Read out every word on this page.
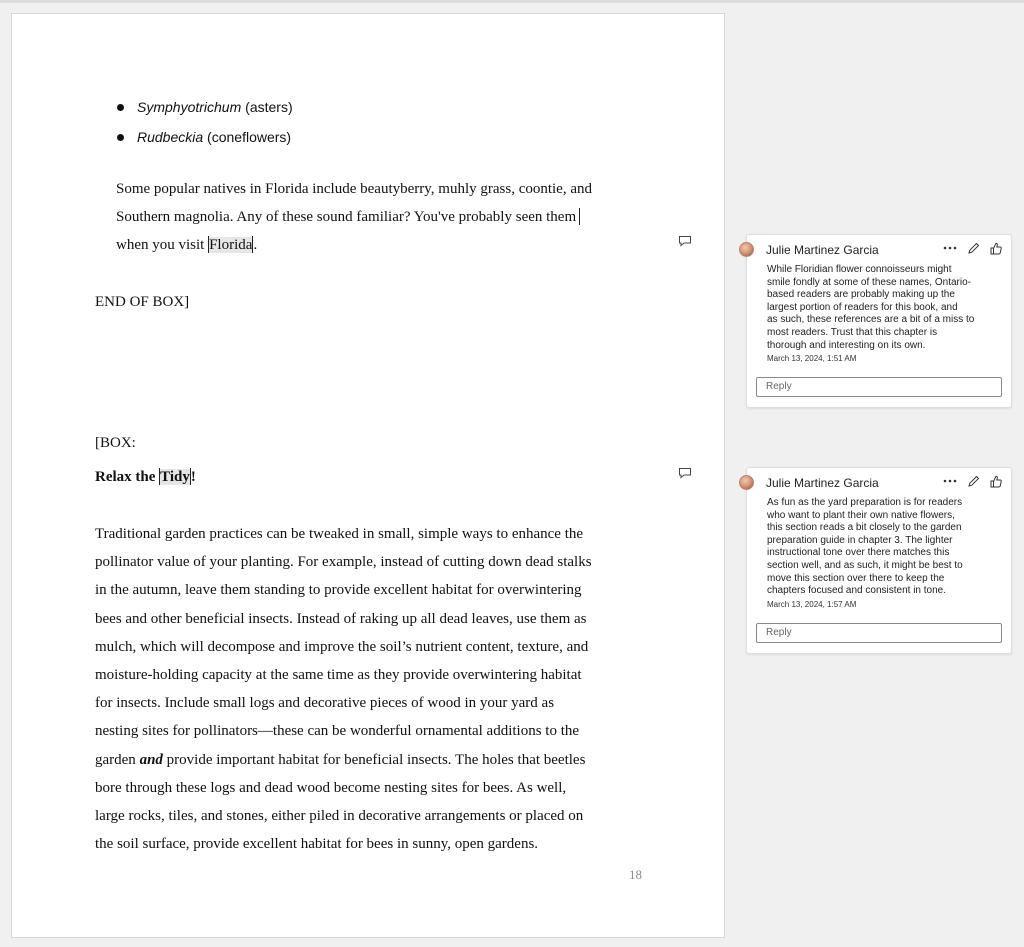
Symphyotrichum (asters)
Rudbeckia (coneflowers)
Some popular natives in Florida include beautyberry, muhly grass, coontie, and
Southern magnolia. Any of these sound familiar? You've probably seen them
when you visit Florida.
END OF BOX]
[BOX:
Relax the Tidy!
Traditional garden practices can be tweaked in small, simple ways to enhance the
pollinator value of your planting. For example, instead of cutting down dead stalks
in the autumn, leave them standing to provide excellent habitat for overwintering
bees and other beneficial insects. Instead of raking up all dead leaves, use them as
mulch, which will decompose and improve the soil’s nutrient content, texture, and
moisture-holding capacity at the same time as they provide overwintering habitat
for insects. Include small logs and decorative pieces of wood in your yard as
nesting sites for pollinators—these can be wonderful ornamental additions to the
garden and provide important habitat for beneficial insects. The holes that beetles
bore through these logs and dead wood become nesting sites for bees. As well,
large rocks, tiles, and stones, either piled in decorative arrangements or placed on
the soil surface, provide excellent habitat for bees in sunny, open gardens.
18
Julie Martinez Garcia
While Floridian flower connoisseurs might
smile fondly at some of these names, Ontario-
based readers are probably making up the
largest portion of readers for this book, and
as such, these references are a bit of a miss to
most readers. Trust that this chapter is
thorough and interesting on its own.
March 13, 2024, 1:51 AM
Reply
Julie Martinez Garcia
As fun as the yard preparation is for readers
who want to plant their own native flowers,
this section reads a bit closely to the garden
preparation guide in chapter 3. The lighter
instructional tone over there matches this
section well, and as such, it might be best to
move this section over there to keep the
chapters focused and consistent in tone.
March 13, 2024, 1:57 AM
Reply
